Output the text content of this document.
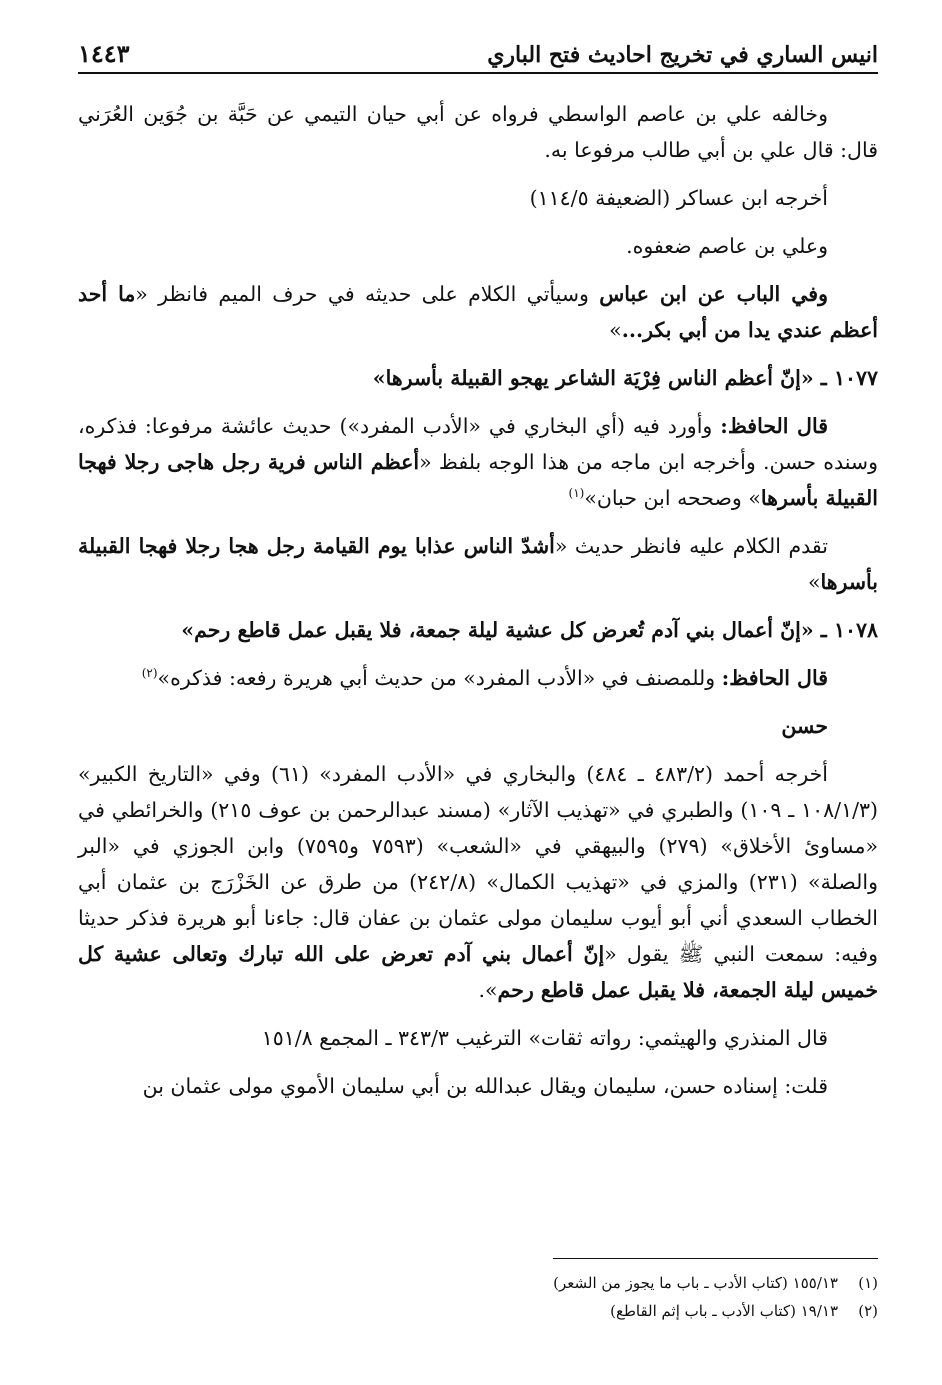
انيس الساري في تخريج احاديث فتح الباري
١٤٤٣

وخالفه علي بن عاصم الواسطي فرواه عن أبي حيان التيمي عن حَبَّة بن جُوَين العُرَني قال: قال علي بن أبي طالب مرفوعا به.

أخرجه ابن عساكر (الضعيفة ١١٤/٥)

وعلي بن عاصم ضعفوه.

وفي الباب عن ابن عباس وسيأتي الكلام على حديثه في حرف الميم فانظر «ما أحد أعظم عندي يدا من أبي بكر...»

١٠٧٧ ـ «إنّ أعظم الناس فِرْيَة الشاعر يهجو القبيلة بأسرها»

قال الحافظ: وأورد فيه (أي البخاري في «الأدب المفرد») حديث عائشة مرفوعا: فذكره، وسنده حسن. وأخرجه ابن ماجه من هذا الوجه بلفظ «أعظم الناس فرية رجل هاجى رجلا فهجا القبيلة بأسرها» وصححه ابن حبان»$^{(١)}$

تقدم الكلام عليه فانظر حديث «أشدّ الناس عذابا يوم القيامة رجل هجا رجلا فهجا القبيلة بأسرها»

١٠٧٨ ـ «إنّ أعمال بني آدم تُعرض كل عشية ليلة جمعة، فلا يقبل عمل قاطع رحم»

قال الحافظ: وللمصنف في «الأدب المفرد» من حديث أبي هريرة رفعه: فذكره»$^{(٢)}$

حسن

أخرجه أحمد (٤٨٣/٢ ـ ٤٨٤) والبخاري في «الأدب المفرد» (٦١) وفي «التاريخ الكبير» (١٠٨/١/٣ ـ ١٠٩) والطبري في «تهذيب الآثار» (مسند عبدالرحمن بن عوف ٢١٥) والخرائطي في «مساوئ الأخلاق» (٢٧٩) والبيهقي في «الشعب» (٧٥٩٣ و٧٥٩٥) وابن الجوزي في «البر والصلة» (٢٣١) والمزي في «تهذيب الكمال» (٢٤٢/٨) من طرق عن الخَزْرَج بن عثمان أبي الخطاب السعدي أني أبو أيوب سليمان مولى عثمان بن عفان قال: جاءنا أبو هريرة فذكر حديثا وفيه: سمعت النبي ﷺ يقول «إنّ أعمال بني آدم تعرض على الله تبارك وتعالى عشية كل خميس ليلة الجمعة، فلا يقبل عمل قاطع رحم».

قال المنذري والهيثمي: رواته ثقات» الترغيب ٣٤٣/٣ ـ المجمع ١٥١/٨

قلت: إسناده حسن، سليمان ويقال عبدالله بن أبي سليمان الأموي مولى عثمان بن

(١)١٥٥/١٣ (كتاب الأدب ـ باب ما يجوز من الشعر)
(٢)١٩/١٣ (كتاب الأدب ـ باب إثم القاطع)
